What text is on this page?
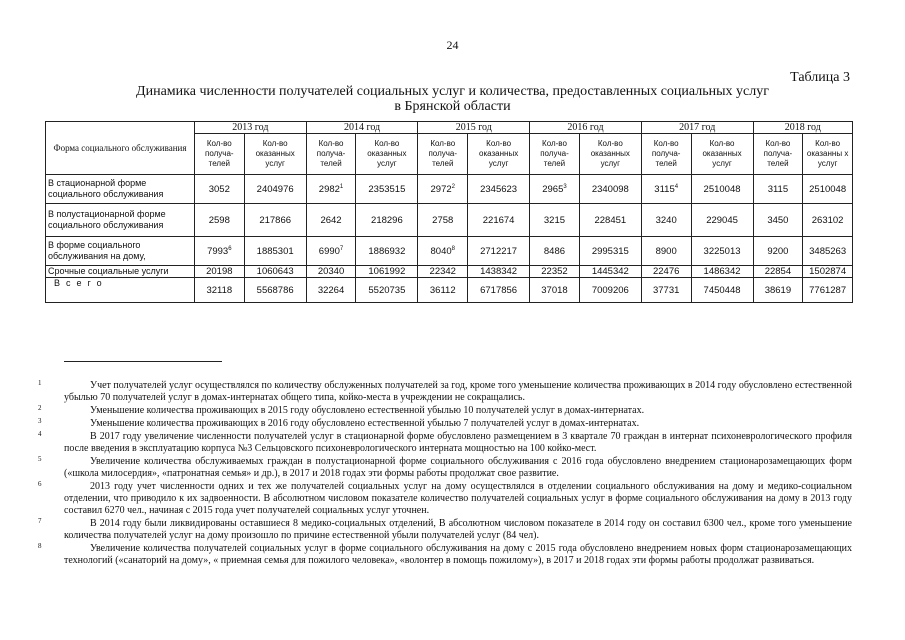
24
Таблица 3
Динамика численности получателей социальных услуг и количества, предоставленных социальных услуг
в Брянской области
Форма социального обслуживания	2013 год		2014 год		2015 год		2016 год		2017 год		2018 год	
	Кол-во получа-телей	Кол-во оказанных услуг	Кол-во получа-телей	Кол-во оказанных услуг	Кол-во получа-телей	Кол-во оказанных услуг	Кол-во получа-телей	Кол-во оказанных услуг	Кол-во получа-телей	Кол-во оказанных услуг	Кол-во получа-телей	Кол-во оказанны х услуг
В стационарной форме социального обслуживания	3052	2404976	2982$^1$	2353515	2972$^2$	2345623	2965$^3$	2340098	3115$^4$	2510048	3115	2510048
В полустационарной форме социального обслуживания	2598	217866	2642	218296	2758	221674	3215	228451	3240	229045	3450	263102
В форме социального обслуживания на дому,	7993$^6$	1885301	6990$^7$	1886932	8040$^8$	2712217	8486	2995315	8900	3225013	9200	3485263
Срочные социальные услуги	20198	1060643	20340	1061992	22342	1438342	22352	1445342	22476	1486342	22854	1502874
Всего	32118	5568786	32264	5520735	36112	6717856	37018	7009206	37731	7450448	38619	7761287

1	Учет получателей услуг осуществлялся по количеству обслуженных получателей за год, кроме того уменьшение количества проживающих в 2014 году обусловлено естественной убылью 70 получателей услуг в домах-интернатах общего типа, койко-места в учреждении не сокращались.

2	Уменьшение количества проживающих в 2015 году обусловлено естественной убылью 10 получателей услуг в домах-интернатах.

3	Уменьшение количества проживающих в 2016 году обусловлено естественной убылью 7 получателей услуг в домах-интернатах.

4	В 2017 году увеличение численности получателей услуг в стационарной форме обусловлено размещением в 3 квартале 70 граждан в интернат психоневрологического профиля после введения в эксплуатацию корпуса №3 Сельцовского психоневрологического интерната мощностью на 100 койко-мест.

5	Увеличение количества обслуживаемых граждан в полустационарной форме социального обслуживания с 2016 года обусловлено внедрением стационарозамещающих форм («школа милосердия», «патронатная семья» и др.), в 2017 и 2018 годах эти формы работы продолжат свое развитие.

6	2013 году учет численности одних и тех же получателей социальных услуг на дому осуществлялся в отделении социального обслуживания на дому и медико-социальном отделении, что приводило к их задвоенности. В абсолютном числовом показателе количество получателей социальных услуг в форме социального обслуживания на дому в 2013 году составил 6270 чел., начиная с 2015 года учет получателей социальных услуг уточнен.

7	В 2014 году были ликвидированы оставшиеся 8 медико-социальных отделений, В абсолютном числовом показателе в 2014 году он составил 6300 чел., кроме того уменьшение количества получателей услуг на дому произошло по причине естественной убыли получателей услуг (84 чел).

8	Увеличение количества получателей социальных услуг в форме социального обслуживания на дому с 2015 года обусловлено внедрением новых форм стационарозамещающих технологий («санаторий на дому», « приемная семья для пожилого человека», «волонтер в помощь пожилому»), в 2017 и 2018 годах эти формы работы продолжат развиваться.
